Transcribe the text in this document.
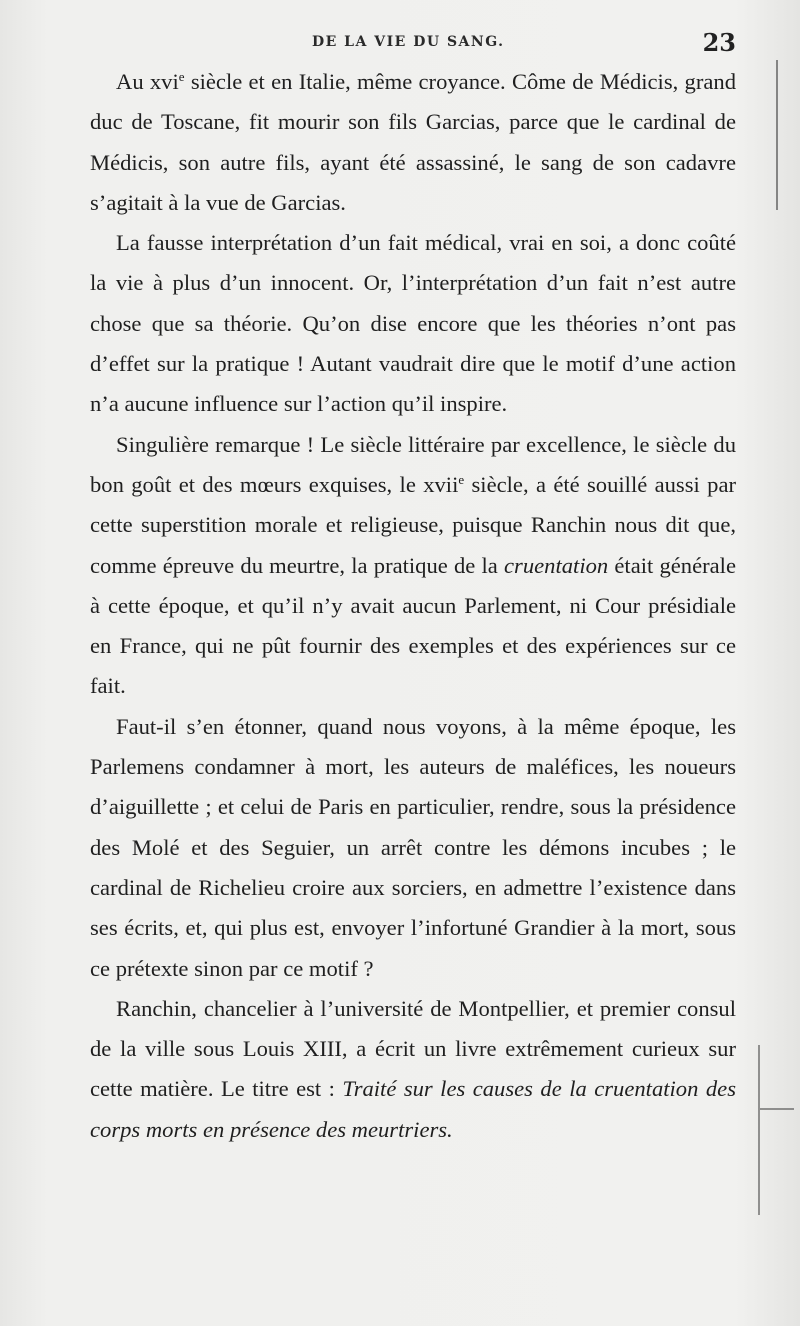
DE LA VIE DU SANG.	23

Au xvi$^e$ siècle et en Italie, même croyance. Côme de Médicis, grand duc de Toscane, fit mourir son fils Garcias, parce que le cardinal de Médicis, son autre fils, ayant été assassiné, le sang de son cadavre s’agitait à la vue de Garcias.

La fausse interprétation d’un fait médical, vrai en soi, a donc coûté la vie à plus d’un innocent. Or, l’interprétation d’un fait n’est autre chose que sa théorie. Qu’on dise encore que les théories n’ont pas d’effet sur la pratique ! Autant vaudrait dire que le motif d’une action n’a aucune influence sur l’action qu’il inspire.

Singulière remarque ! Le siècle littéraire par excellence, le siècle du bon goût et des mœurs exquises, le xvii$^e$ siècle, a été souillé aussi par cette superstition morale et religieuse, puisque Ranchin nous dit que, comme épreuve du meurtre, la pratique de la cruentation était générale à cette époque, et qu’il n’y avait aucun Parlement, ni Cour présidiale en France, qui ne pût fournir des exemples et des expériences sur ce fait.

Faut-il s’en étonner, quand nous voyons, à la même époque, les Parlemens condamner à mort, les auteurs de maléfices, les noueurs d’aiguillette ; et celui de Paris en particulier, rendre, sous la présidence des Molé et des Seguier, un arrêt contre les démons incubes ; le cardinal de Richelieu croire aux sorciers, en admettre l’existence dans ses écrits, et, qui plus est, envoyer l’infortuné Grandier à la mort, sous ce prétexte sinon par ce motif ?

Ranchin, chancelier à l’université de Montpellier, et premier consul de la ville sous Louis XIII, a écrit un livre extrêmement curieux sur cette matière. Le titre est : Traité sur les causes de la cruentation des corps morts en présence des meurtriers.
